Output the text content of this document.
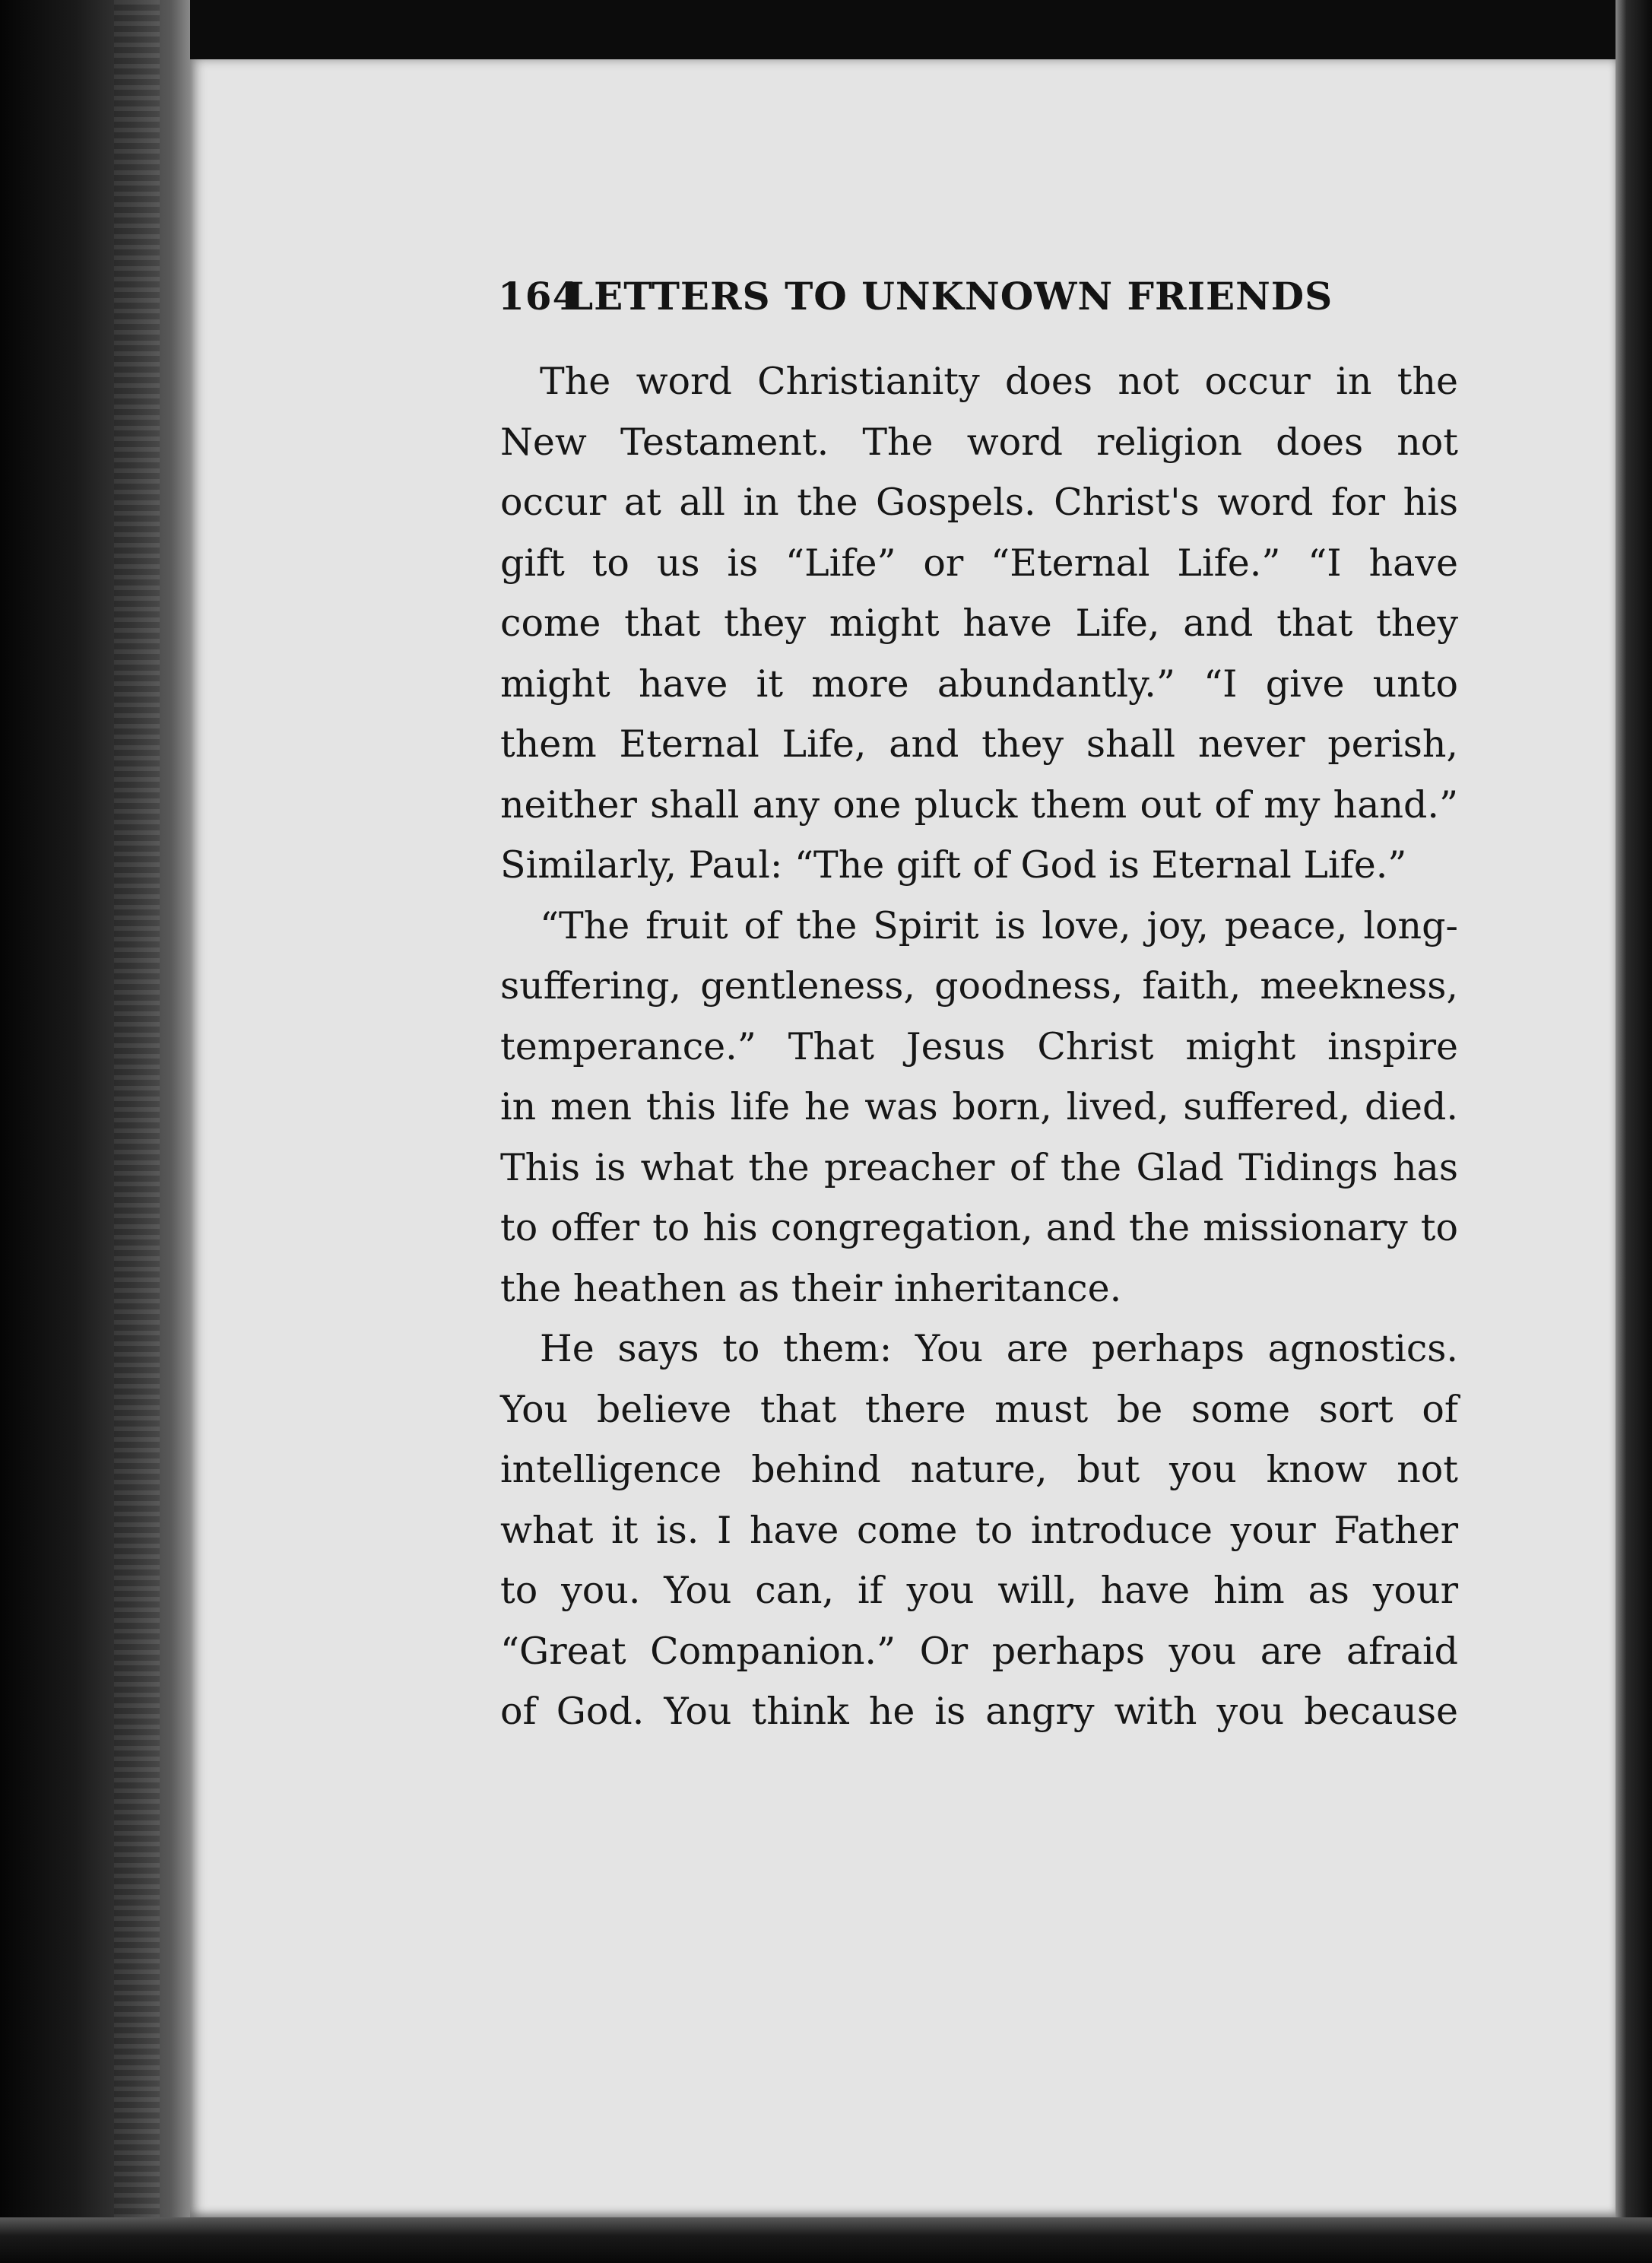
164LETTERS TO UNKNOWN FRIENDS
The word Christianity does not occur in the
New Testament. The word religion does not
occur at all in the Gospels. Christ's word for his
gift to us is “Life” or “Eternal Life.” “I have
come that they might have Life, and that they
might have it more abundantly.” “I give unto
them Eternal Life, and they shall never perish,
neither shall any one pluck them out of my hand.”
Similarly, Paul: “The gift of God is Eternal Life.”
“The fruit of the Spirit is love, joy, peace, long-
suffering, gentleness, goodness, faith, meekness,
temperance.” That Jesus Christ might inspire
in men this life he was born, lived, suffered, died.
This is what the preacher of the Glad Tidings has
to offer to his congregation, and the missionary to
the heathen as their inheritance.
He says to them: You are perhaps agnostics.
You believe that there must be some sort of
intelligence behind nature, but you know not
what it is. I have come to introduce your Father
to you. You can, if you will, have him as your
“Great Companion.” Or perhaps you are afraid
of God. You think he is angry with you because
